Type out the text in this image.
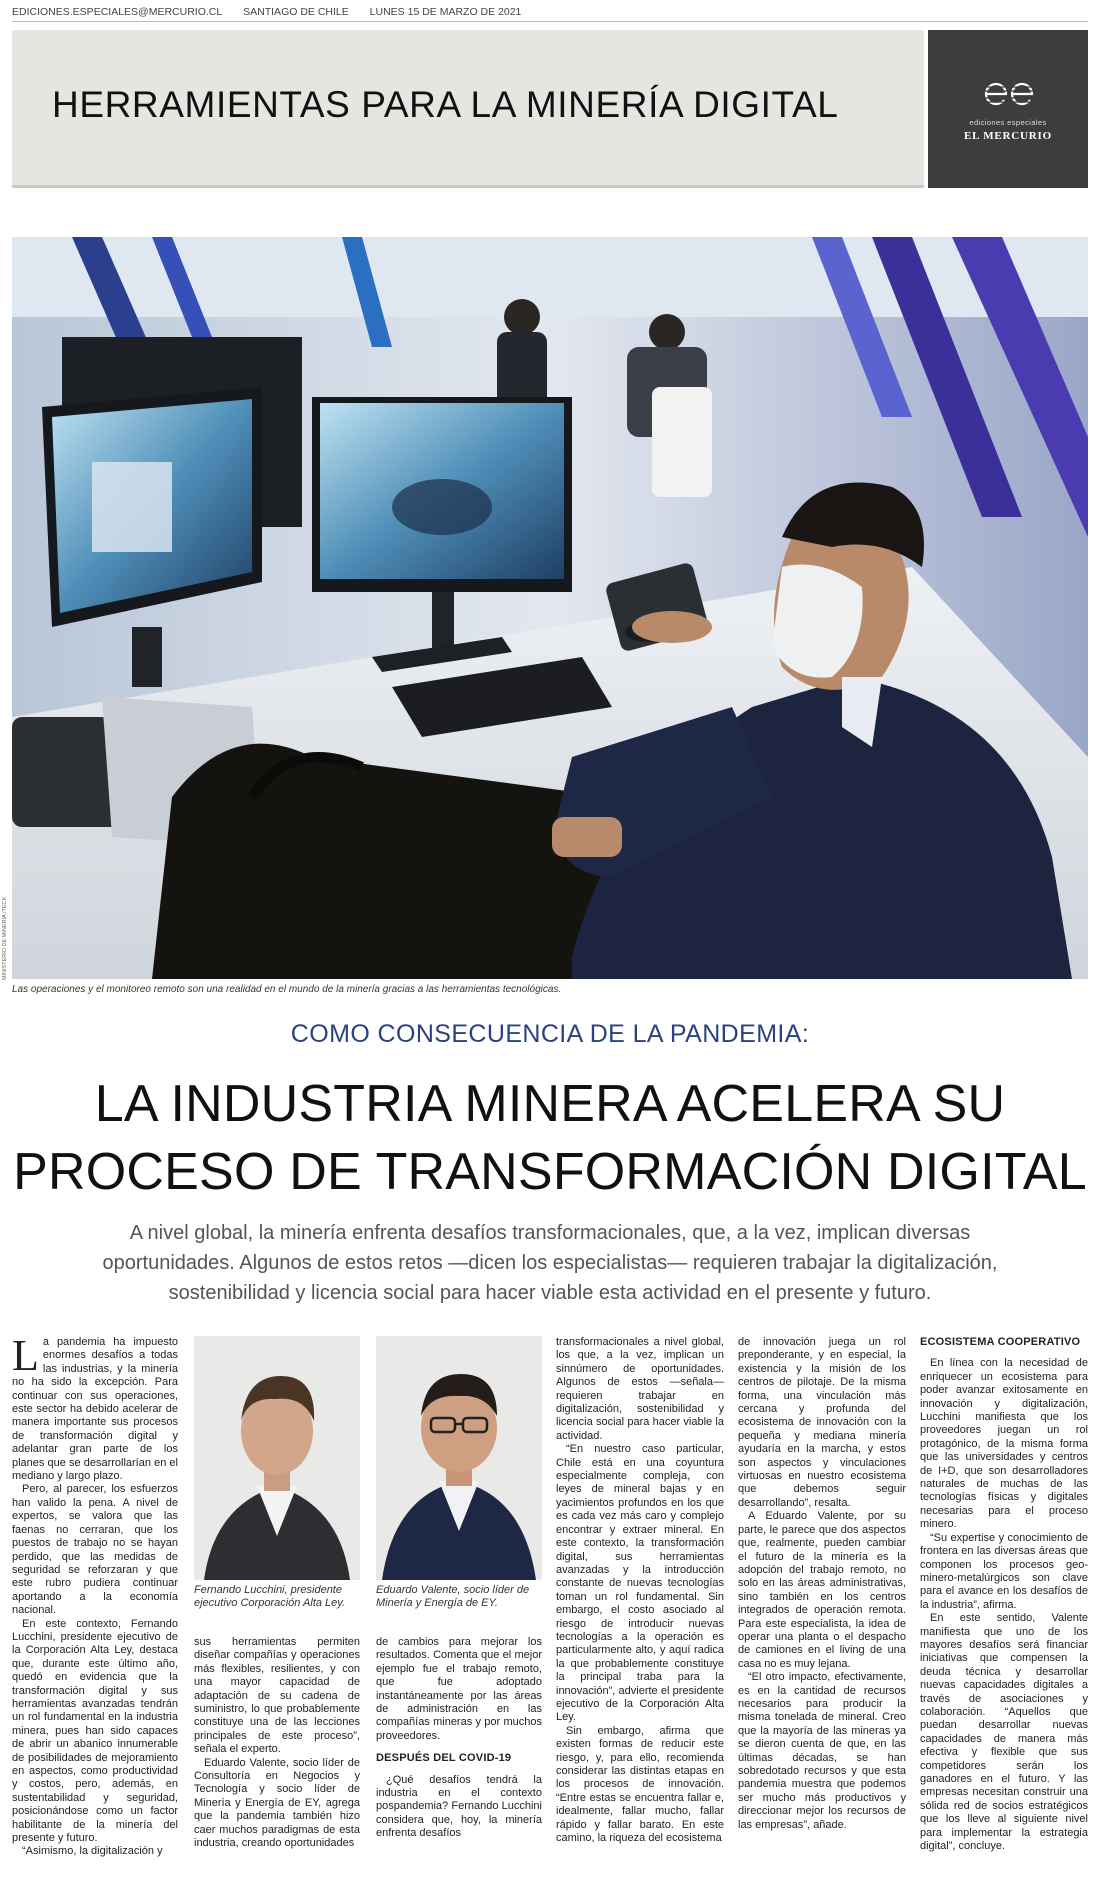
EDICIONES.ESPECIALES@MERCURIO.CL SANTIAGO DE CHILE LUNES 15 DE MARZO DE 2021
HERRAMIENTAS PARA LA MINERÍA DIGITAL	ediciones especiales
EL MERCURIO
MINISTERIO DE MINERÍA /TECK
Las operaciones y el monitoreo remoto son una realidad en el mundo de la minería gracias a las herramientas tecnológicas.
COMO CONSECUENCIA DE LA PANDEMIA:
LA INDUSTRIA MINERA ACELERA SU
PROCESO DE TRANSFORMACIÓN DIGITAL
A nivel global, la minería enfrenta desafíos transformacionales, que, a la vez, implican diversas oportunidades. Algunos de estos retos —dicen los especialistas— requieren trabajar la digitalización, sostenibilidad y licencia social para hacer viable esta actividad en el presente y futuro.

La pandemia ha impuesto enormes desafíos a todas las industrias, y la minería no ha sido la excepción. Para continuar con sus operaciones, este sector ha debido acelerar de manera importante sus procesos de transformación digital y adelantar gran parte de los planes que se desarrollarían en el mediano y largo plazo.

Pero, al parecer, los esfuerzos han valido la pena. A nivel de expertos, se valora que las faenas no cerraran, que los puestos de trabajo no se hayan perdido, que las medidas de seguridad se reforzaran y que este rubro pudiera continuar aportando a la economía nacional.

En este contexto, Fernando Lucchini, presidente ejecutivo de la Corporación Alta Ley, destaca que, durante este último año, quedó en evidencia que la transformación digital y sus herramientas avanzadas tendrán un rol fundamental en la industria minera, pues han sido capaces de abrir un abanico innumerable de posibilidades de mejoramiento en aspectos, como productividad y costos, pero, además, en sustentabilidad y seguridad, posicionándose como un factor habilitante de la minería del presente y futuro.

“Asimismo, la digitalización y

Fernando Lucchini, presidente ejecutivo Corporación Alta Ley.
Eduardo Valente, socio líder de Minería y Energía de EY.

sus herramientas permiten diseñar compañías y operaciones más flexibles, resilientes, y con una mayor capacidad de adaptación de su cadena de suministro, lo que probablemente constituye una de las lecciones principales de este proceso”, señala el experto.

Eduardo Valente, socio líder de Consultoría en Negocios y Tecnología y socio líder de Minería y Energía de EY, agrega que la pandemia también hizo caer muchos paradigmas de esta industria, creando oportunidades

de cambios para mejorar los resultados. Comenta que el mejor ejemplo fue el trabajo remoto, que fue adoptado instantáneamente por las áreas de administración en las compañías mineras y por muchos proveedores.

DESPUÉS DEL COVID-19

¿Qué desafíos tendrá la industria en el contexto pospandemia? Fernando Lucchini considera que, hoy, la minería enfrenta desafíos

transformacionales a nivel global, los que, a la vez, implican un sinnúmero de oportunidades. Algunos de estos —señala— requieren trabajar en digitalización, sostenibilidad y licencia social para hacer viable la actividad.

“En nuestro caso particular, Chile está en una coyuntura especialmente compleja, con leyes de mineral bajas y en yacimientos profundos en los que es cada vez más caro y complejo encontrar y extraer mineral. En este contexto, la transformación digital, sus herramientas avanzadas y la introducción constante de nuevas tecnologías toman un rol fundamental. Sin embargo, el costo asociado al riesgo de introducir nuevas tecnologías a la operación es particularmente alto, y aquí radica la que probablemente constituye la principal traba para la innovación”, advierte el presidente ejecutivo de la Corporación Alta Ley.

Sin embargo, afirma que existen formas de reducir este riesgo, y, para ello, recomienda considerar las distintas etapas en los procesos de innovación. “Entre estas se encuentra fallar e, idealmente, fallar mucho, fallar rápido y fallar barato. En este camino, la riqueza del ecosistema

de innovación juega un rol preponderante, y en especial, la existencia y la misión de los centros de pilotaje. De la misma forma, una vinculación más cercana y profunda del ecosistema de innovación con la pequeña y mediana minería ayudaría en la marcha, y estos son aspectos y vinculaciones virtuosas en nuestro ecosistema que debemos seguir desarrollando”, resalta.

A Eduardo Valente, por su parte, le parece que dos aspectos que, realmente, pueden cambiar el futuro de la minería es la adopción del trabajo remoto, no solo en las áreas administrativas, sino también en los centros integrados de operación remota. Para este especialista, la idea de operar una planta o el despacho de camiones en el living de una casa no es muy lejana.

“El otro impacto, efectivamente, es en la cantidad de recursos necesarios para producir la misma tonelada de mineral. Creo que la mayoría de las mineras ya se dieron cuenta de que, en las últimas décadas, se han sobredotado recursos y que esta pandemia muestra que podemos ser mucho más productivos y direccionar mejor los recursos de las empresas”, añade.

ECOSISTEMA COOPERATIVO

En línea con la necesidad de enriquecer un ecosistema para poder avanzar exitosamente en innovación y digitalización, Lucchini manifiesta que los proveedores juegan un rol protagónico, de la misma forma que las universidades y centros de I+D, que son desarrolladores naturales de muchas de las tecnologías físicas y digitales necesarias para el proceso minero.

“Su expertise y conocimiento de frontera en las diversas áreas que componen los procesos geo-minero-metalúrgicos son clave para el avance en los desafíos de la industria”, afirma.

En este sentido, Valente manifiesta que uno de los mayores desafíos será financiar iniciativas que compensen la deuda técnica y desarrollar nuevas capacidades digitales a través de asociaciones y colaboración. “Aquellos que puedan desarrollar nuevas capacidades de manera más efectiva y flexible que sus competidores serán los ganadores en el futuro. Y las empresas necesitan construir una sólida red de socios estratégicos que los lleve al siguiente nivel para implementar la estrategia digital”, concluye.
